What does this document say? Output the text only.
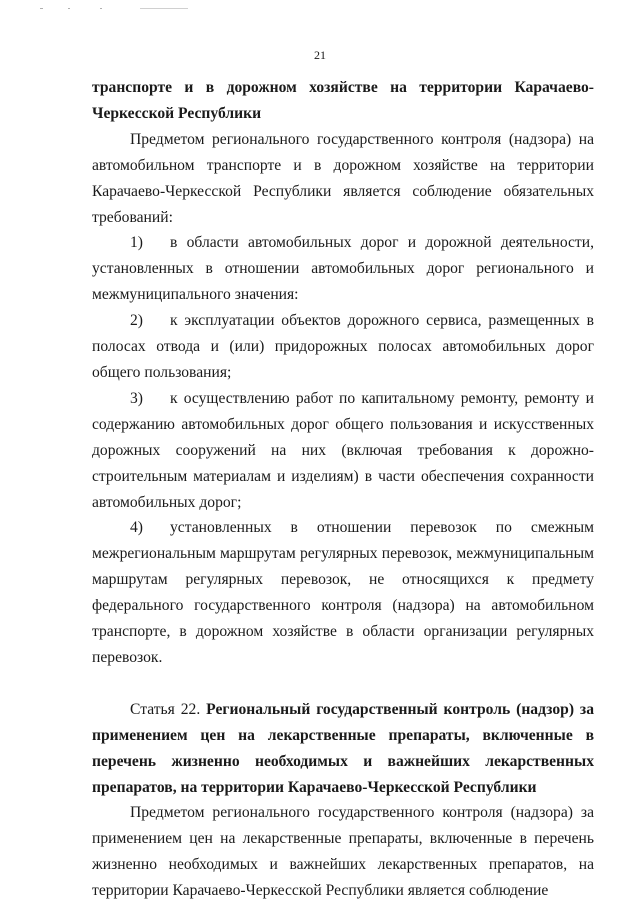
21

транспорте и в дорожном хозяйстве на территории Карачаево-Черкесской Республики

Предметом регионального государственного контроля (надзора) на автомобильном транспорте и в дорожном хозяйстве на территории Карачаево-Черкесской Республики является соблюдение обязательных требований:

1) в области автомобильных дорог и дорожной деятельности, установленных в отношении автомобильных дорог регионального и межмуниципального значения:

2) к эксплуатации объектов дорожного сервиса, размещенных в полосах отвода и (или) придорожных полосах автомобильных дорог общего пользования;

3) к осуществлению работ по капитальному ремонту, ремонту и содержанию автомобильных дорог общего пользования и искусственных дорожных сооружений на них (включая требования к дорожно-строительным материалам и изделиям) в части обеспечения сохранности автомобильных дорог;

4) установленных в отношении перевозок по смежным межрегиональным маршрутам регулярных перевозок, межмуниципальным маршрутам регулярных перевозок, не относящихся к предмету федерального государственного контроля (надзора) на автомобильном транспорте, в дорожном хозяйстве в области организации регулярных перевозок.

Статья 22. Региональный государственный контроль (надзор) за применением цен на лекарственные препараты, включенные в перечень жизненно необходимых и важнейших лекарственных препаратов, на территории Карачаево-Черкесской Республики

Предметом регионального государственного контроля (надзора) за применением цен на лекарственные препараты, включенные в перечень жизненно необходимых и важнейших лекарственных препаратов, на территории Карачаево-Черкесской Республики является соблюдение
